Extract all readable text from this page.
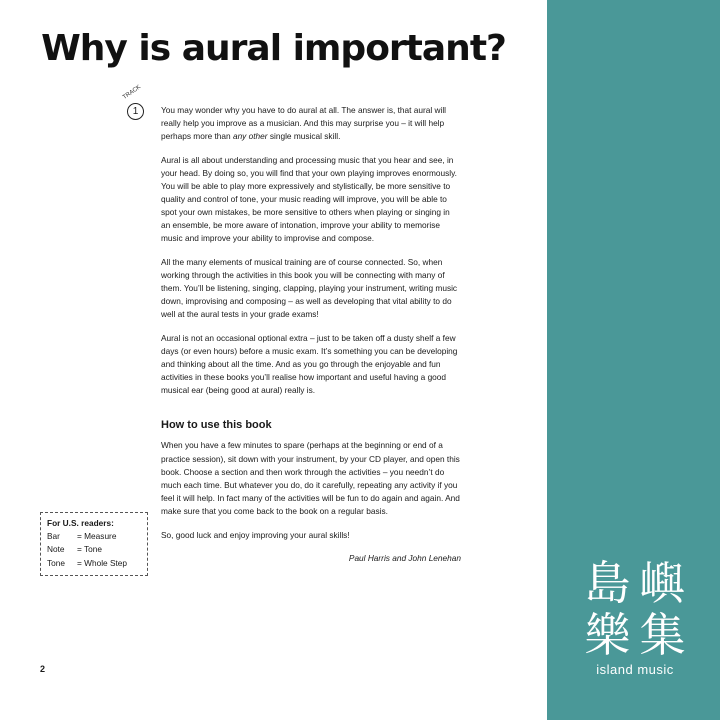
Why is aural important?
TRACK
1	You may wonder why you have to do aural at all. The answer is, that aural will really help you improve as a musician. And this may surprise you – it will help perhaps more than any other single musical skill.

Aural is all about understanding and processing music that you hear and see, in your head. By doing so, you will find that your own playing improves enormously. You will be able to play more expressively and stylistically, be more sensitive to quality and control of tone, your music reading will improve, you will be able to spot your own mistakes, be more sensitive to others when playing or singing in an ensemble, be more aware of intonation, improve your ability to memorise music and improve your ability to improvise and compose.

All the many elements of musical training are of course connected. So, when working through the activities in this book you will be connecting with many of them. You’ll be listening, singing, clapping, playing your instrument, writing music down, improvising and composing – as well as developing that vital ability to do well at the aural tests in your grade exams!

Aural is not an occasional optional extra – just to be taken off a dusty shelf a few days (or even hours) before a music exam. It’s something you can be developing and thinking about all the time. And as you go through the enjoyable and fun activities in these books you’ll realise how important and useful having a good musical ear (being good at aural) really is.

How to use this book

When you have a few minutes to spare (perhaps at the beginning or end of a practice session), sit down with your instrument, by your CD player, and open this book. Choose a section and then work through the activities – you needn’t do much each time. But whatever you do, do it carefully, repeating any activity if you feel it will help. In fact many of the activities will be fun to do again and again. And make sure that you come back to the book on a regular basis.

So, good luck and enjoy improving your aural skills!

Paul Harris and John Lenehan
For U.S. readers:
Bar	= Measure
Note	= Tone
Tone	= Whole Step
2
島 嶼
樂 集
island music
